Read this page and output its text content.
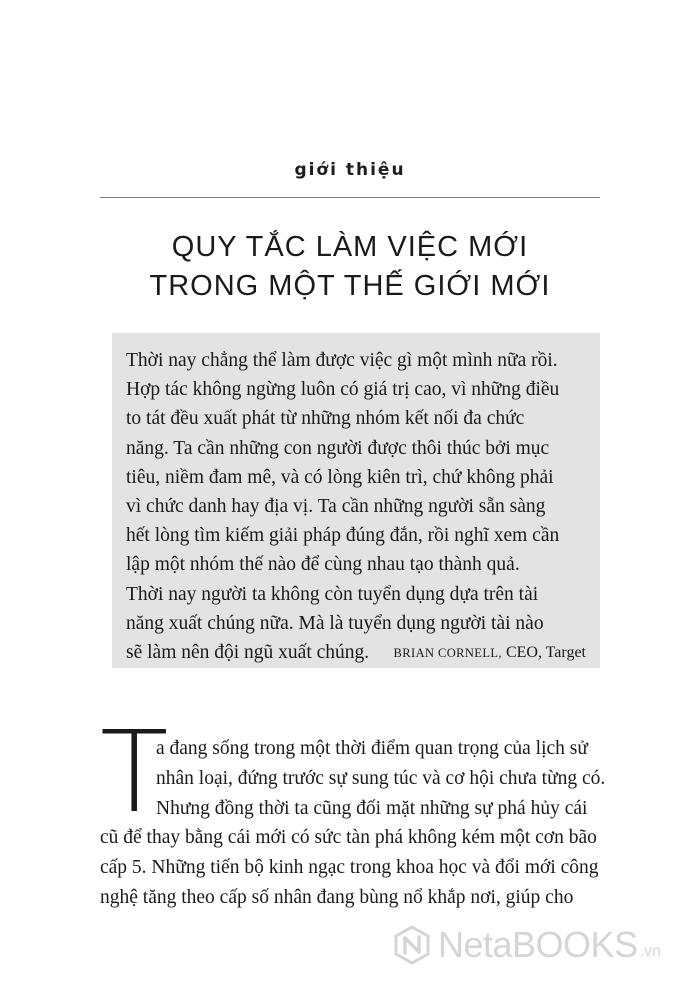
giới thiệu
QUY TẮC LÀM VIỆC MỚI
TRONG MỘT THẾ GIỚI MỚI
Thời nay chẳng thể làm được việc gì một mình nữa rồi.
Hợp tác không ngừng luôn có giá trị cao, vì những điều
to tát đều xuất phát từ những nhóm kết nối đa chức
năng. Ta cần những con người được thôi thúc bởi mục
tiêu, niềm đam mê, và có lòng kiên trì, chứ không phải
vì chức danh hay địa vị. Ta cần những người sẵn sàng
hết lòng tìm kiếm giải pháp đúng đắn, rồi nghĩ xem cần
lập một nhóm thế nào để cùng nhau tạo thành quả.
Thời nay người ta không còn tuyển dụng dựa trên tài
năng xuất chúng nữa. Mà là tuyển dụng người tài nào
sẽ làm nên đội ngũ xuất chúng.	BRIAN CORNELL, CEO, Target
T
a đang sống trong một thời điểm quan trọng của lịch sử
nhân loại, đứng trước sự sung túc và cơ hội chưa từng có.
Nhưng đồng thời ta cũng đối mặt những sự phá hủy cái
cũ để thay bằng cái mới có sức tàn phá không kém một cơn bão
cấp 5. Những tiến bộ kinh ngạc trong khoa học và đổi mới công
nghệ tăng theo cấp số nhân đang bùng nổ khắp nơi, giúp cho
NetaBOOKS .vn
